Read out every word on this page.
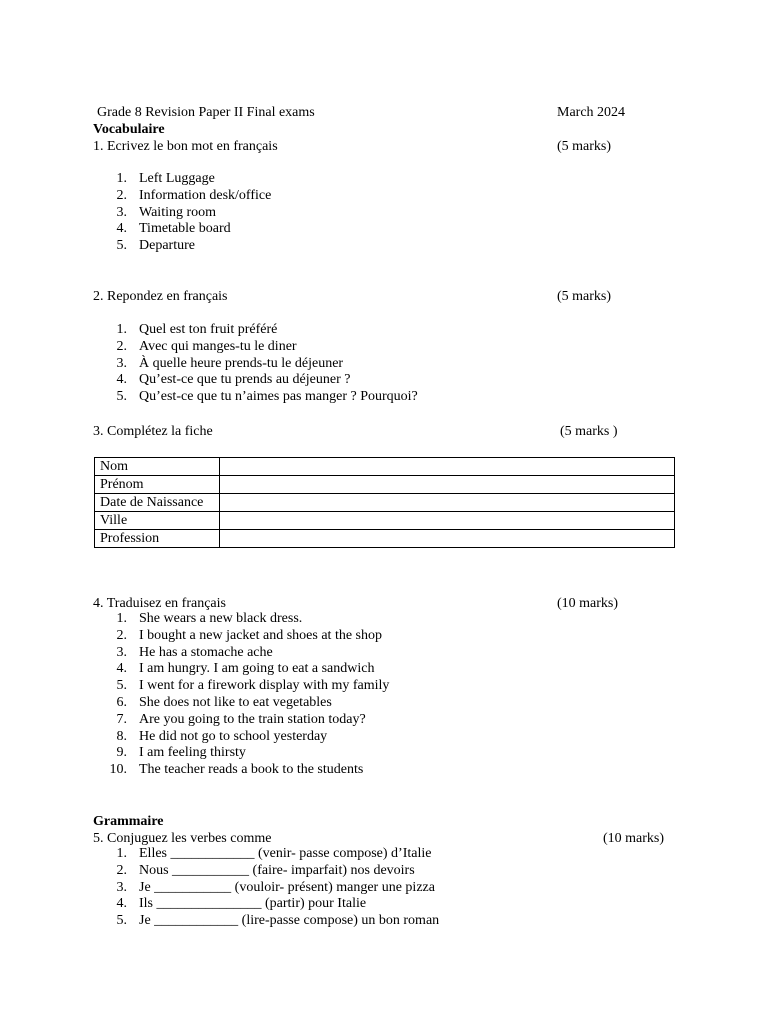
Grade 8 Revision Paper II Final exams	March 2024
Vocabulaire
1. Ecrivez le bon mot en français	(5 marks)
1. Left Luggage
2. Information desk/office
3. Waiting room
4. Timetable board
5. Departure
2. Repondez en français	(5 marks)
1. Quel est ton fruit préféré
2. Avec qui manges-tu le diner
3. À quelle heure prends-tu le déjeuner
4. Qu’est-ce que tu prends au déjeuner ?
5. Qu’est-ce que tu n’aimes pas manger ? Pourquoi?
3. Complétez la fiche	(5 marks )
Nom	
Prénom	
Date de Naissance	
Ville	
Profession	
4. Traduisez en français	(10 marks)
1. She wears a new black dress.
2. I bought a new jacket and shoes at the shop
3. He has a stomache ache
4. I am hungry. I am going to eat a sandwich
5. I went for a firework display with my family
6. She does not like to eat vegetables
7. Are you going to the train station today?
8. He did not go to school yesterday
9. I am feeling thirsty
10. The teacher reads a book to the students
Grammaire
5. Conjuguez les verbes comme	(10 marks)
1. Elles ____________ (venir- passe compose) d’Italie
2. Nous ___________ (faire- imparfait) nos devoirs
3. Je ___________ (vouloir- présent) manger une pizza
4. Ils _______________ (partir) pour Italie
5. Je ____________ (lire-passe compose) un bon roman
